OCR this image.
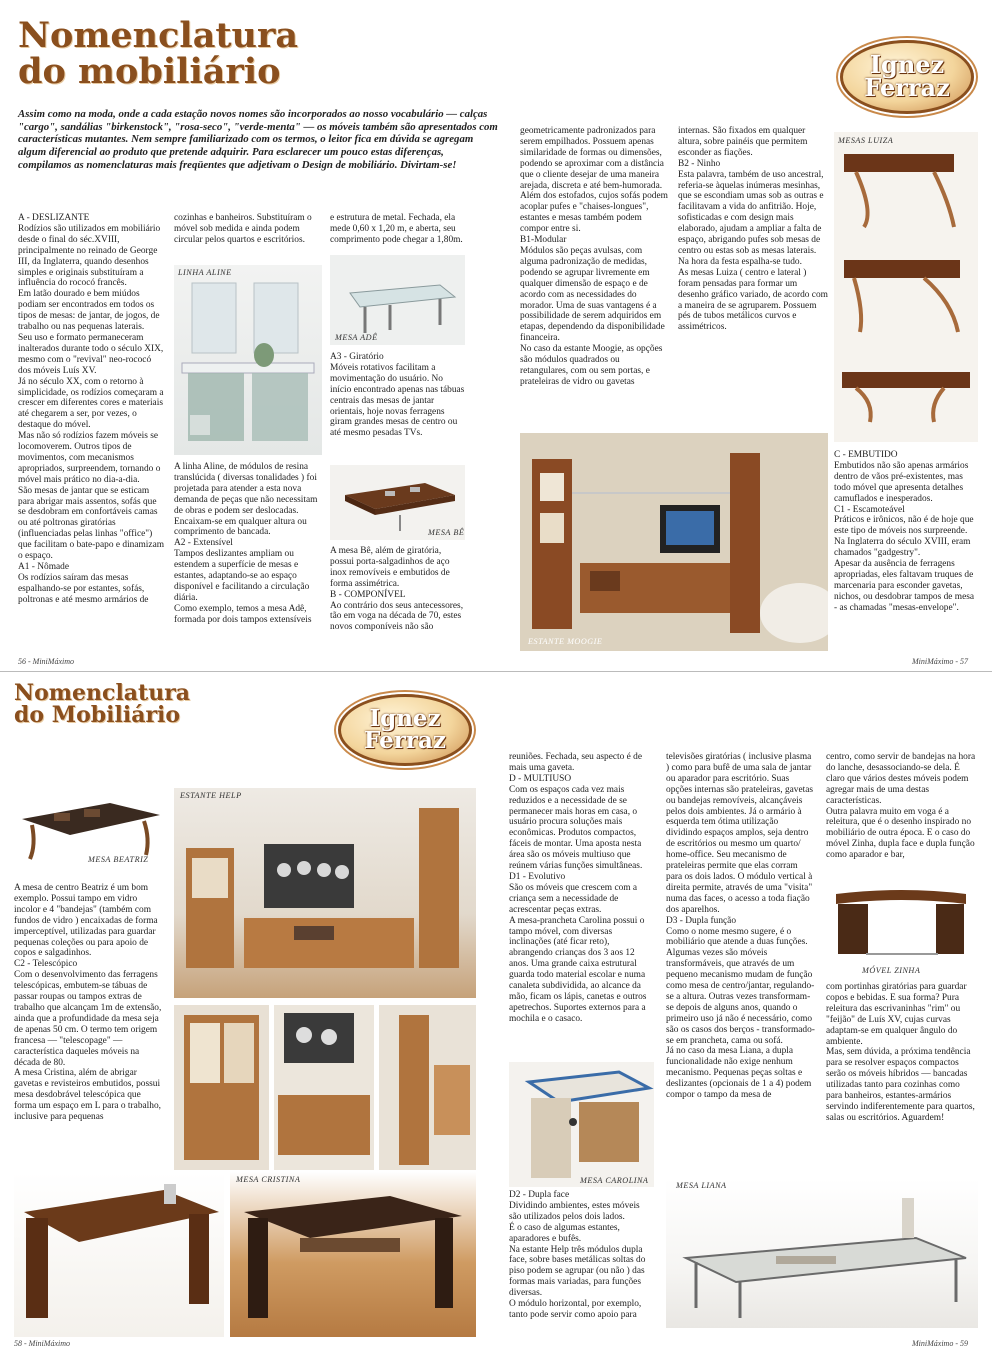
Nomenclatura
do mobiliário	Ignez
Ferraz
Assim como na moda, onde a cada estação novos nomes são incorporados ao nosso vocabulário — calças "cargo", sandálias "birkenstock", "rosa-seco", "verde-menta" — os móveis também são apresentados com características mutantes. Nem sempre familiarizado com os termos, o leitor fica em dúvida se agregam algum diferencial ao produto que pretende adquirir. Para esclarecer um pouco estas diferenças, compilamos as nomenclaturas mais freqüentes que adjetivam o Design de mobiliário. Divirtam-se!
A - DESLIZANTE
Rodízios são utilizados em mobiliário desde o final do séc.XVIII, principalmente no reinado de George III, da Inglaterra, quando desenhos simples e originais substituíram a influência do rococó francês.
Em latão dourado e bem miúdos podiam ser encontrados em todos os tipos de mesas: de jantar, de jogos, de trabalho ou nas pequenas laterais.
Seu uso e formato permaneceram inalterados durante todo o século XIX, mesmo com o "revival" neo-rococó dos móveis Luís XV.
Já no século XX, com o retorno à simplicidade, os rodízios começaram a crescer em diferentes cores e materiais até chegarem a ser, por vezes, o destaque do móvel.
Mas não só rodízios fazem móveis se locomoverem. Outros tipos de movimentos, com mecanismos apropriados, surpreendem, tornando o móvel mais prático no dia-a-dia.
São mesas de jantar que se esticam para abrigar mais assentos, sofás que se desdobram em confortáveis camas ou até poltronas giratórias (influenciadas pelas linhas "office") que facilitam o bate-papo e dinamizam o espaço.
A1 - Nômade
Os rodízios saíram das mesas espalhando-se por estantes, sofás, poltronas e até mesmo armários de
cozinhas e banheiros. Substituíram o móvel sob medida e ainda podem circular pelos quartos e escritórios.
LINHA ALINE
A linha Aline, de módulos de resina translúcida ( diversas tonalidades ) foi projetada para atender a esta nova demanda de peças que não necessitam de obras e podem ser deslocadas.
Encaixam-se em qualquer altura ou comprimento de bancada.
A2 - Extensível
Tampos deslizantes ampliam ou estendem a superfície de mesas e estantes, adaptando-se ao espaço disponível e facilitando a circulação diária.
Como exemplo, temos a mesa Adê, formada por dois tampos extensíveis
e estrutura de metal. Fechada, ela mede 0,60 x 1,20 m, e aberta, seu comprimento pode chegar a 1,80m.
MESA ADÊ
A3 - Giratório
Móveis rotativos facilitam a movimentação do usuário. No início encontrado apenas nas tábuas centrais das mesas de jantar orientais, hoje novas ferragens giram grandes mesas de centro ou até mesmo pesadas TVs.
MESA BÊ
A mesa Bê, além de giratória, possui porta-salgadinhos de aço inox removíveis e embutidos de forma assimétrica.
B - COMPONÍVEL
Ao contrário dos seus antecessores, tão em voga na década de 70, estes novos componíveis não são
geometricamente padronizados para serem empilhados. Possuem apenas similaridade de formas ou dimensões, podendo se aproximar com a distância que o cliente desejar de uma maneira arejada, discreta e até bem-humorada.
Além dos estofados, cujos sofás podem acoplar pufes e "chaises-longues", estantes e mesas também podem compor entre si.
B1-Modular
Módulos são peças avulsas, com alguma padronização de medidas, podendo se agrupar livremente em qualquer dimensão de espaço e de acordo com as necessidades do morador. Uma de suas vantagens é a possibilidade de serem adquiridos em etapas, dependendo da disponibilidade financeira.
No caso da estante Moogie, as opções são módulos quadrados ou retangulares, com ou sem portas, e prateleiras de vidro ou gavetas
internas. São fixados em qualquer altura, sobre painéis que permitem esconder as fiações.
B2 - Ninho
Esta palavra, também de uso ancestral, referia-se àquelas inúmeras mesinhas, que se escondiam umas sob as outras e facilitavam a vida do anfitrião. Hoje, sofisticadas e com design mais elaborado, ajudam a ampliar a falta de espaço, abrigando pufes sob mesas de centro ou estas sob as mesas laterais. Na hora da festa espalha-se tudo.
As mesas Luiza ( centro e lateral ) foram pensadas para formar um desenho gráfico variado, de acordo com a maneira de se agruparem. Possuem pés de tubos metálicos curvos e assimétricos.
ESTANTE MOOGIE
MESAS LUIZA
C - EMBUTIDO
Embutidos não são apenas armários dentro de vãos pré-existentes, mas todo móvel que apresenta detalhes camuflados e inesperados.
C1 - Escamoteável
Práticos e irônicos, não é de hoje que este tipo de móveis nos surpreende. Na Inglaterra do século XVIII, eram chamados "gadgestry".
Apesar da ausência de ferragens apropriadas, eles faltavam truques de marcenaria para esconder gavetas, nichos, ou desdobrar tampos de mesa - as chamadas "mesas-envelope".
56 - MiniMáximo	MiniMáximo - 57
Nomenclatura
do Mobiliário	Ignez
Ferraz
MESA BEATRIZ
A mesa de centro Beatriz é um bom exemplo. Possui tampo em vidro incolor e 4 "bandejas" (também com fundos de vidro ) encaixadas de forma imperceptível, utilizadas para guardar pequenas coleções ou para apoio de copos e salgadinhos.
C2 - Telescópico
Com o desenvolvimento das ferragens telescópicas, embutem-se tábuas de passar roupas ou tampos extras de trabalho que alcançam 1m de extensão, ainda que a profundidade da mesa seja de apenas 50 cm. O termo tem origem francesa — "telescopage" — característica daqueles móveis na década de 80.
A mesa Cristina, além de abrigar gavetas e revisteiros embutidos, possui mesa desdobrável telescópica que forma um espaço em L para o trabalho, inclusive para pequenas
ESTANTE HELP
MESA CRISTINA
reuniões. Fechada, seu aspecto é de mais uma gaveta.
D - MULTIUSO
Com os espaços cada vez mais reduzidos e a necessidade de se permanecer mais horas em casa, o usuário procura soluções mais econômicas. Produtos compactos, fáceis de montar. Uma aposta nesta área são os móveis multiuso que reúnem várias funções simultâneas.
D1 - Evolutivo
São os móveis que crescem com a criança sem a necessidade de acrescentar peças extras.
A mesa-prancheta Carolina possui o tampo móvel, com diversas inclinações (até ficar reto), abrangendo crianças dos 3 aos 12 anos. Uma grande caixa estrutural guarda todo material escolar e numa canaleta subdividida, ao alcance da mão, ficam os lápis, canetas e outros apetrechos. Suportes externos para a mochila e o casaco.
MESA CAROLINA
D2 - Dupla face
Dividindo ambientes, estes móveis são utilizados pelos dois lados.
É o caso de algumas estantes, aparadores e bufês.
Na estante Help três módulos dupla face, sobre bases metálicas soltas do piso podem se agrupar (ou não ) das formas mais variadas, para funções diversas.
O módulo horizontal, por exemplo, tanto pode servir como apoio para
televisões giratórias ( inclusive plasma ) como para bufê de uma sala de jantar ou aparador para escritório. Suas opções internas são prateleiras, gavetas ou bandejas removíveis, alcançáveis pelos dois ambientes. Já o armário à esquerda tem ótima utilização dividindo espaços amplos, seja dentro de escritórios ou mesmo um quarto/ home-office. Seu mecanismo de prateleiras permite que elas corram para os dois lados. O módulo vertical à direita permite, através de uma "visita" numa das faces, o acesso a toda fiação dos aparelhos.
D3 - Dupla função
Como o nome mesmo sugere, é o mobiliário que atende a duas funções. Algumas vezes são móveis transformáveis, que através de um pequeno mecanismo mudam de função como mesa de centro/jantar, regulando-se a altura. Outras vezes transformam-se depois de alguns anos, quando o primeiro uso já não é necessário, como são os casos dos berços - transformado-se em prancheta, cama ou sofá.
Já no caso da mesa Liana, a dupla funcionalidade não exige nenhum mecanismo. Pequenas peças soltas e deslizantes (opcionais de 1 a 4) podem compor o tampo da mesa de
centro, como servir de bandejas na hora do lanche, desassociando-se dela. É claro que vários destes móveis podem agregar mais de uma destas características.
Outra palavra muito em voga é a releitura, que é o desenho inspirado no mobiliário de outra época. E o caso do móvel Zinha, dupla face e dupla função como aparador e bar,
MÓVEL ZINHA
com portinhas giratórias para guardar copos e bebidas. E sua forma? Pura releitura das escrivaninhas "rim" ou "feijão" de Luís XV, cujas curvas adaptam-se em qualquer ângulo do ambiente.
Mas, sem dúvida, a próxima tendência para se resolver espaços compactos serão os móveis híbridos — bancadas utilizadas tanto para cozinhas como para banheiros, estantes-armários servindo indiferentemente para quartos, salas ou escritórios. Aguardem!
MESA LIANA
58 - MiniMáximo	MiniMáximo - 59
